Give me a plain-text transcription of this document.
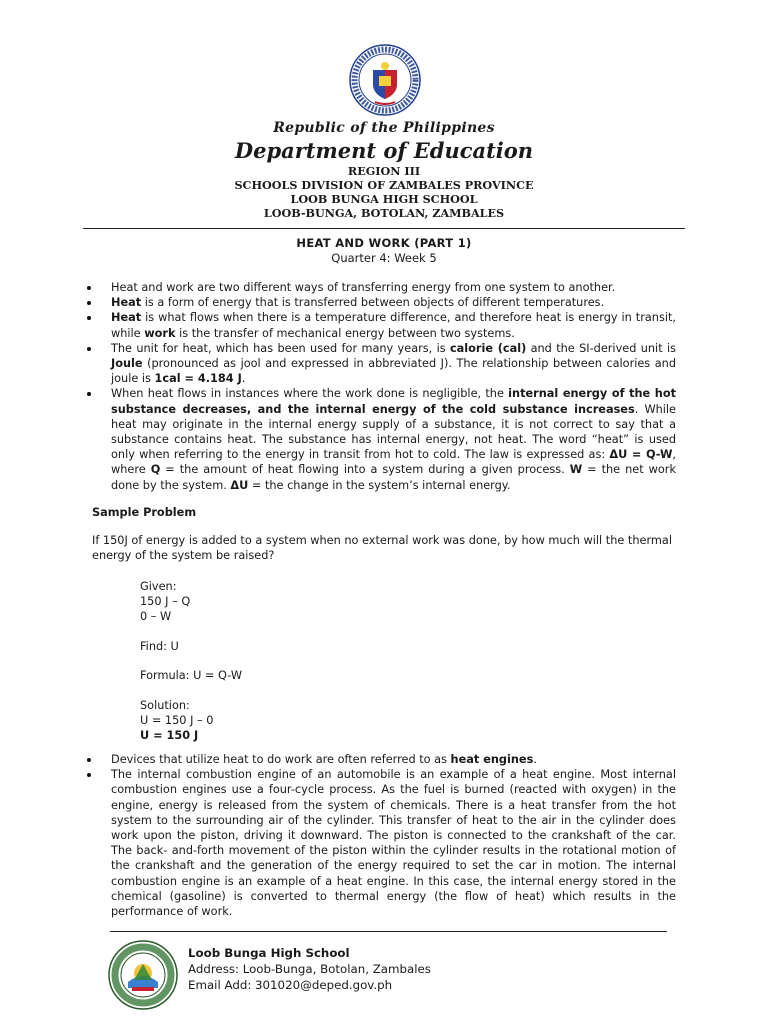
Republic of the Philippines
Department of Education
REGION III
SCHOOLS DIVISION OF ZAMBALES PROVINCE
LOOB BUNGA HIGH SCHOOL
LOOB-BUNGA, BOTOLAN, ZAMBALES
HEAT AND WORK (PART 1)
Quarter 4: Week 5
Heat and work are two different ways of transferring energy from one system to another.
Heat is a form of energy that is transferred between objects of different temperatures.
Heat is what flows when there is a temperature difference, and therefore heat is energy in transit, while work is the transfer of mechanical energy between two systems.
The unit for heat, which has been used for many years, is calorie (cal) and the SI-derived unit is Joule (pronounced as jool and expressed in abbreviated J). The relationship between calories and joule is 1cal = 4.184 J.
When heat flows in instances where the work done is negligible, the internal energy of the hot substance decreases, and the internal energy of the cold substance increases. While heat may originate in the internal energy supply of a substance, it is not correct to say that a substance contains heat. The substance has internal energy, not heat. The word “heat” is used only when referring to the energy in transit from hot to cold. The law is expressed as: ΔU = Q-W, where Q = the amount of heat flowing into a system during a given process. W = the net work done by the system. ΔU = the change in the system’s internal energy.
Sample Problem
If 150J of energy is added to a system when no external work was done, by how much will the thermal energy of the system be raised?
Given:
150 J – Q
0 – W
Find: U
Formula: U = Q-W
Solution:
U = 150 J – 0
U = 150 J
Devices that utilize heat to do work are often referred to as heat engines.
The internal combustion engine of an automobile is an example of a heat engine. Most internal combustion engines use a four-cycle process. As the fuel is burned (reacted with oxygen) in the engine, energy is released from the system of chemicals. There is a heat transfer from the hot system to the surrounding air of the cylinder. This transfer of heat to the air in the cylinder does work upon the piston, driving it downward. The piston is connected to the crankshaft of the car. The back- and-forth movement of the piston within the cylinder results in the rotational motion of the crankshaft and the generation of the energy required to set the car in motion. The internal combustion engine is an example of a heat engine. In this case, the internal energy stored in the chemical (gasoline) is converted to thermal energy (the flow of heat) which results in the performance of work.
Loob Bunga High School
Address: Loob-Bunga, Botolan, Zambales
Email Add: 301020@deped.gov.ph
